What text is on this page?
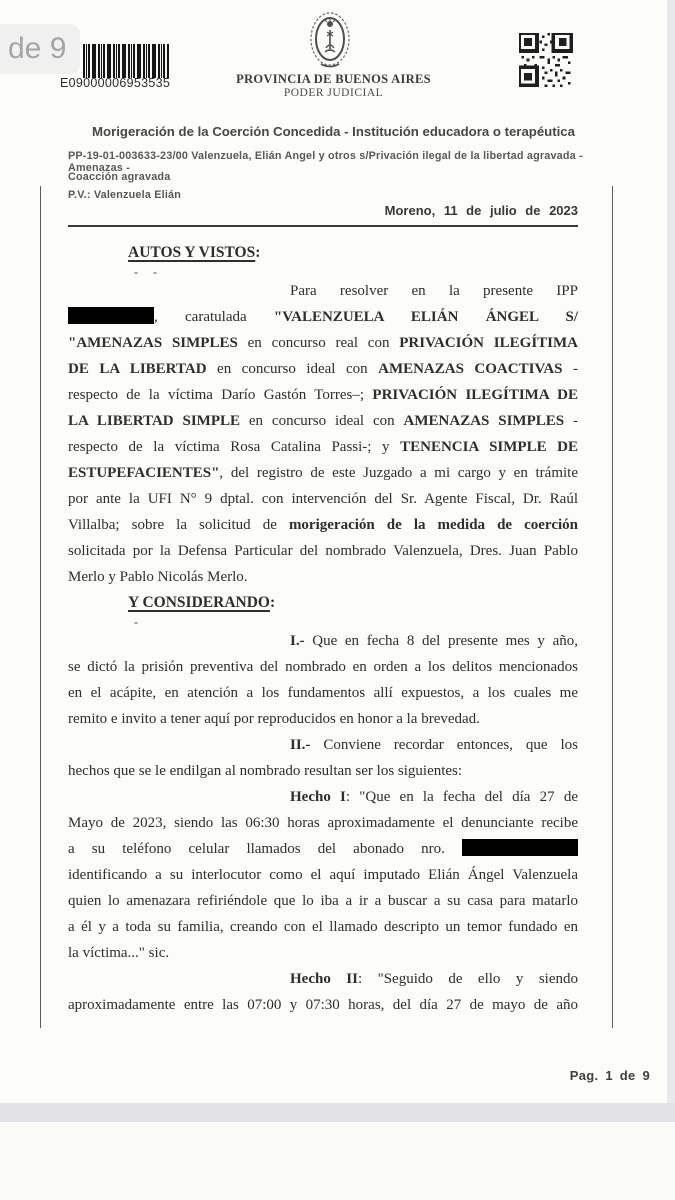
E09000006953535	PROVINCIA DE BUENOS AIRES
PODER JUDICIAL
Morigeración de la Coerción Concedida - Institución educadora o terapéutica
PP-19-01-003633-23/00 Valenzuela, Elián Angel y otros s/Privación ilegal de la libertad agravada - Amenazas -
Coacción agravada
P.V.: Valenzuela Elián
Moreno, 11 de julio de 2023
AUTOS Y VISTOS:
- -
Para resolver en la presente IPP
, caratulada "VALENZUELA ELIÁN ÁNGEL S/
"AMENAZAS SIMPLES en concurso real con PRIVACIÓN ILEGÍTIMA
DE LA LIBERTAD en concurso ideal con AMENAZAS COACTIVAS -
respecto de la víctima Darío Gastón Torres–; PRIVACIÓN ILEGÍTIMA DE
LA LIBERTAD SIMPLE en concurso ideal con AMENAZAS SIMPLES -
respecto de la víctima Rosa Catalina Passi-; y TENENCIA SIMPLE DE
ESTUPEFACIENTES", del registro de este Juzgado a mi cargo y en trámite
por ante la UFI N° 9 dptal. con intervención del Sr. Agente Fiscal, Dr. Raúl
Villalba; sobre la solicitud de morigeración de la medida de coerción
solicitada por la Defensa Particular del nombrado Valenzuela, Dres. Juan Pablo
Merlo y Pablo Nicolás Merlo.
Y CONSIDERANDO:
-
I.- Que en fecha 8 del presente mes y año,
se dictó la prisión preventiva del nombrado en orden a los delitos mencionados
en el acápite, en atención a los fundamentos allí expuestos, a los cuales me
remito e invito a tener aquí por reproducidos en honor a la brevedad.
II.- Conviene recordar entonces, que los
hechos que se le endilgan al nombrado resultan ser los siguientes:
Hecho I: "Que en la fecha del día 27 de
Mayo de 2023, siendo las 06:30 horas aproximadamente el denunciante recibe
a su teléfono celular llamados del abonado nro.
identificando a su interlocutor como el aquí imputado Elián Ángel Valenzuela
quien lo amenazara refiriéndole que lo iba a ir a buscar a su casa para matarlo
a él y a toda su familia, creando con el llamado descripto un temor fundado en
la víctima..." sic.
Hecho II: "Seguido de ello y siendo
aproximadamente entre las 07:00 y 07:30 horas, del día 27 de mayo de año
Pag. 1 de 9
de 9
